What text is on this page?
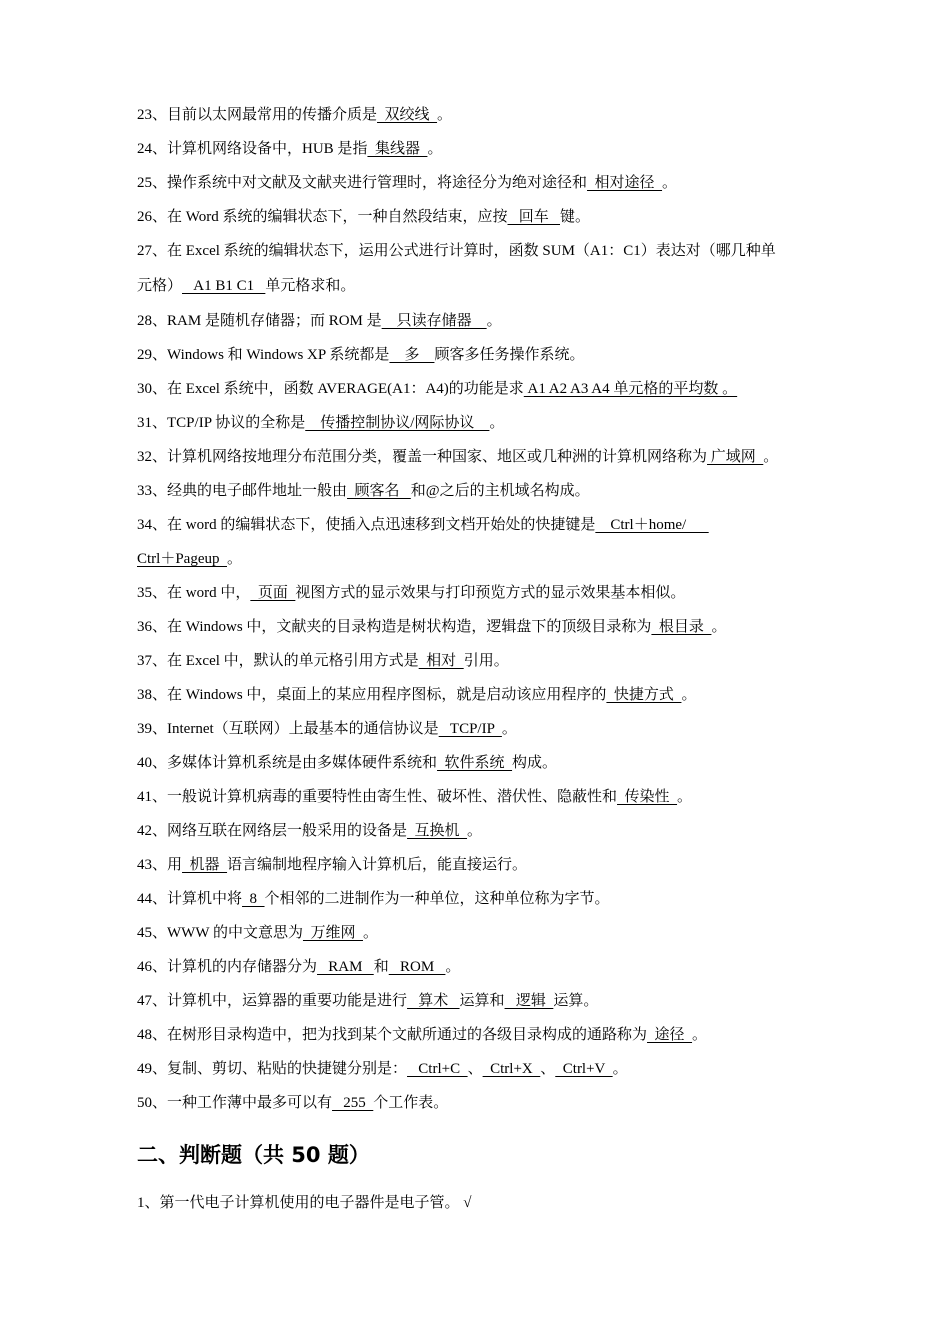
23、目前以太网最常用的传播介质是  双绞线  。
24、计算机网络设备中，HUB 是指  集线器  。
25、操作系统中对文献及文献夹进行管理时，将途径分为绝对途径和  相对途径  。
26、在 Word 系统的编辑状态下，一种自然段结束，应按   回车   键。
27、在 Excel 系统的编辑状态下，运用公式进行计算时，函数 SUM（A1：C1）表达对（哪几种单
元格）   A1 B1 C1   单元格求和。
28、RAM 是随机存储器；而 ROM 是    只读存储器    。
29、Windows 和 Windows XP 系统都是    多    顾客多任务操作系统。
30、在 Excel 系统中，函数 AVERAGE(A1：A4)的功能是求 A1 A2 A3 A4 单元格的平均数 。
31、TCP/IP 协议的全称是    传播控制协议/网际协议    。
32、计算机网络按地理分布范围分类，覆盖一种国家、地区或几种洲的计算机网络称为 广域网  。
33、经典的电子邮件地址一般由  顾客名   和@之后的主机域名构成。
34、在 word 的编辑状态下，使插入点迅速移到文档开始处的快捷键是    Ctrl＋home/
Ctrl＋Pageup  。
35、在 word 中，  页面  视图方式的显示效果与打印预览方式的显示效果基本相似。
36、在 Windows 中，文献夹的目录构造是树状构造，逻辑盘下的顶级目录称为  根目录  。
37、在 Excel 中，默认的单元格引用方式是  相对  引用。
38、在 Windows 中，桌面上的某应用程序图标，就是启动该应用程序的  快捷方式  。
39、Internet（互联网）上最基本的通信协议是   TCP/IP  。
40、多媒体计算机系统是由多媒体硬件系统和  软件系统  构成。
41、一般说计算机病毒的重要特性由寄生性、破坏性、潜伏性、隐蔽性和  传染性  。
42、网络互联在网络层一般采用的设备是  互换机  。
43、用  机器  语言编制地程序输入计算机后，能直接运行。
44、计算机中将  8  个相邻的二进制作为一种单位，这种单位称为字节。
45、WWW 的中文意思为  万维网  。
46、计算机的内存储器分为   RAM   和   ROM   。
47、计算机中，运算器的重要功能是进行   算术   运算和   逻辑  运算。
48、在树形目录构造中，把为找到某个文献所通过的各级目录构成的通路称为  途径  。
49、复制、剪切、粘贴的快捷键分别是：   Ctrl+C  、  Ctrl+X  、  Ctrl+V  。
50、一种工作薄中最多可以有   255  个工作表。
二、判断题（共 50 题）
1、第一代电子计算机使用的电子器件是电子管。 √
